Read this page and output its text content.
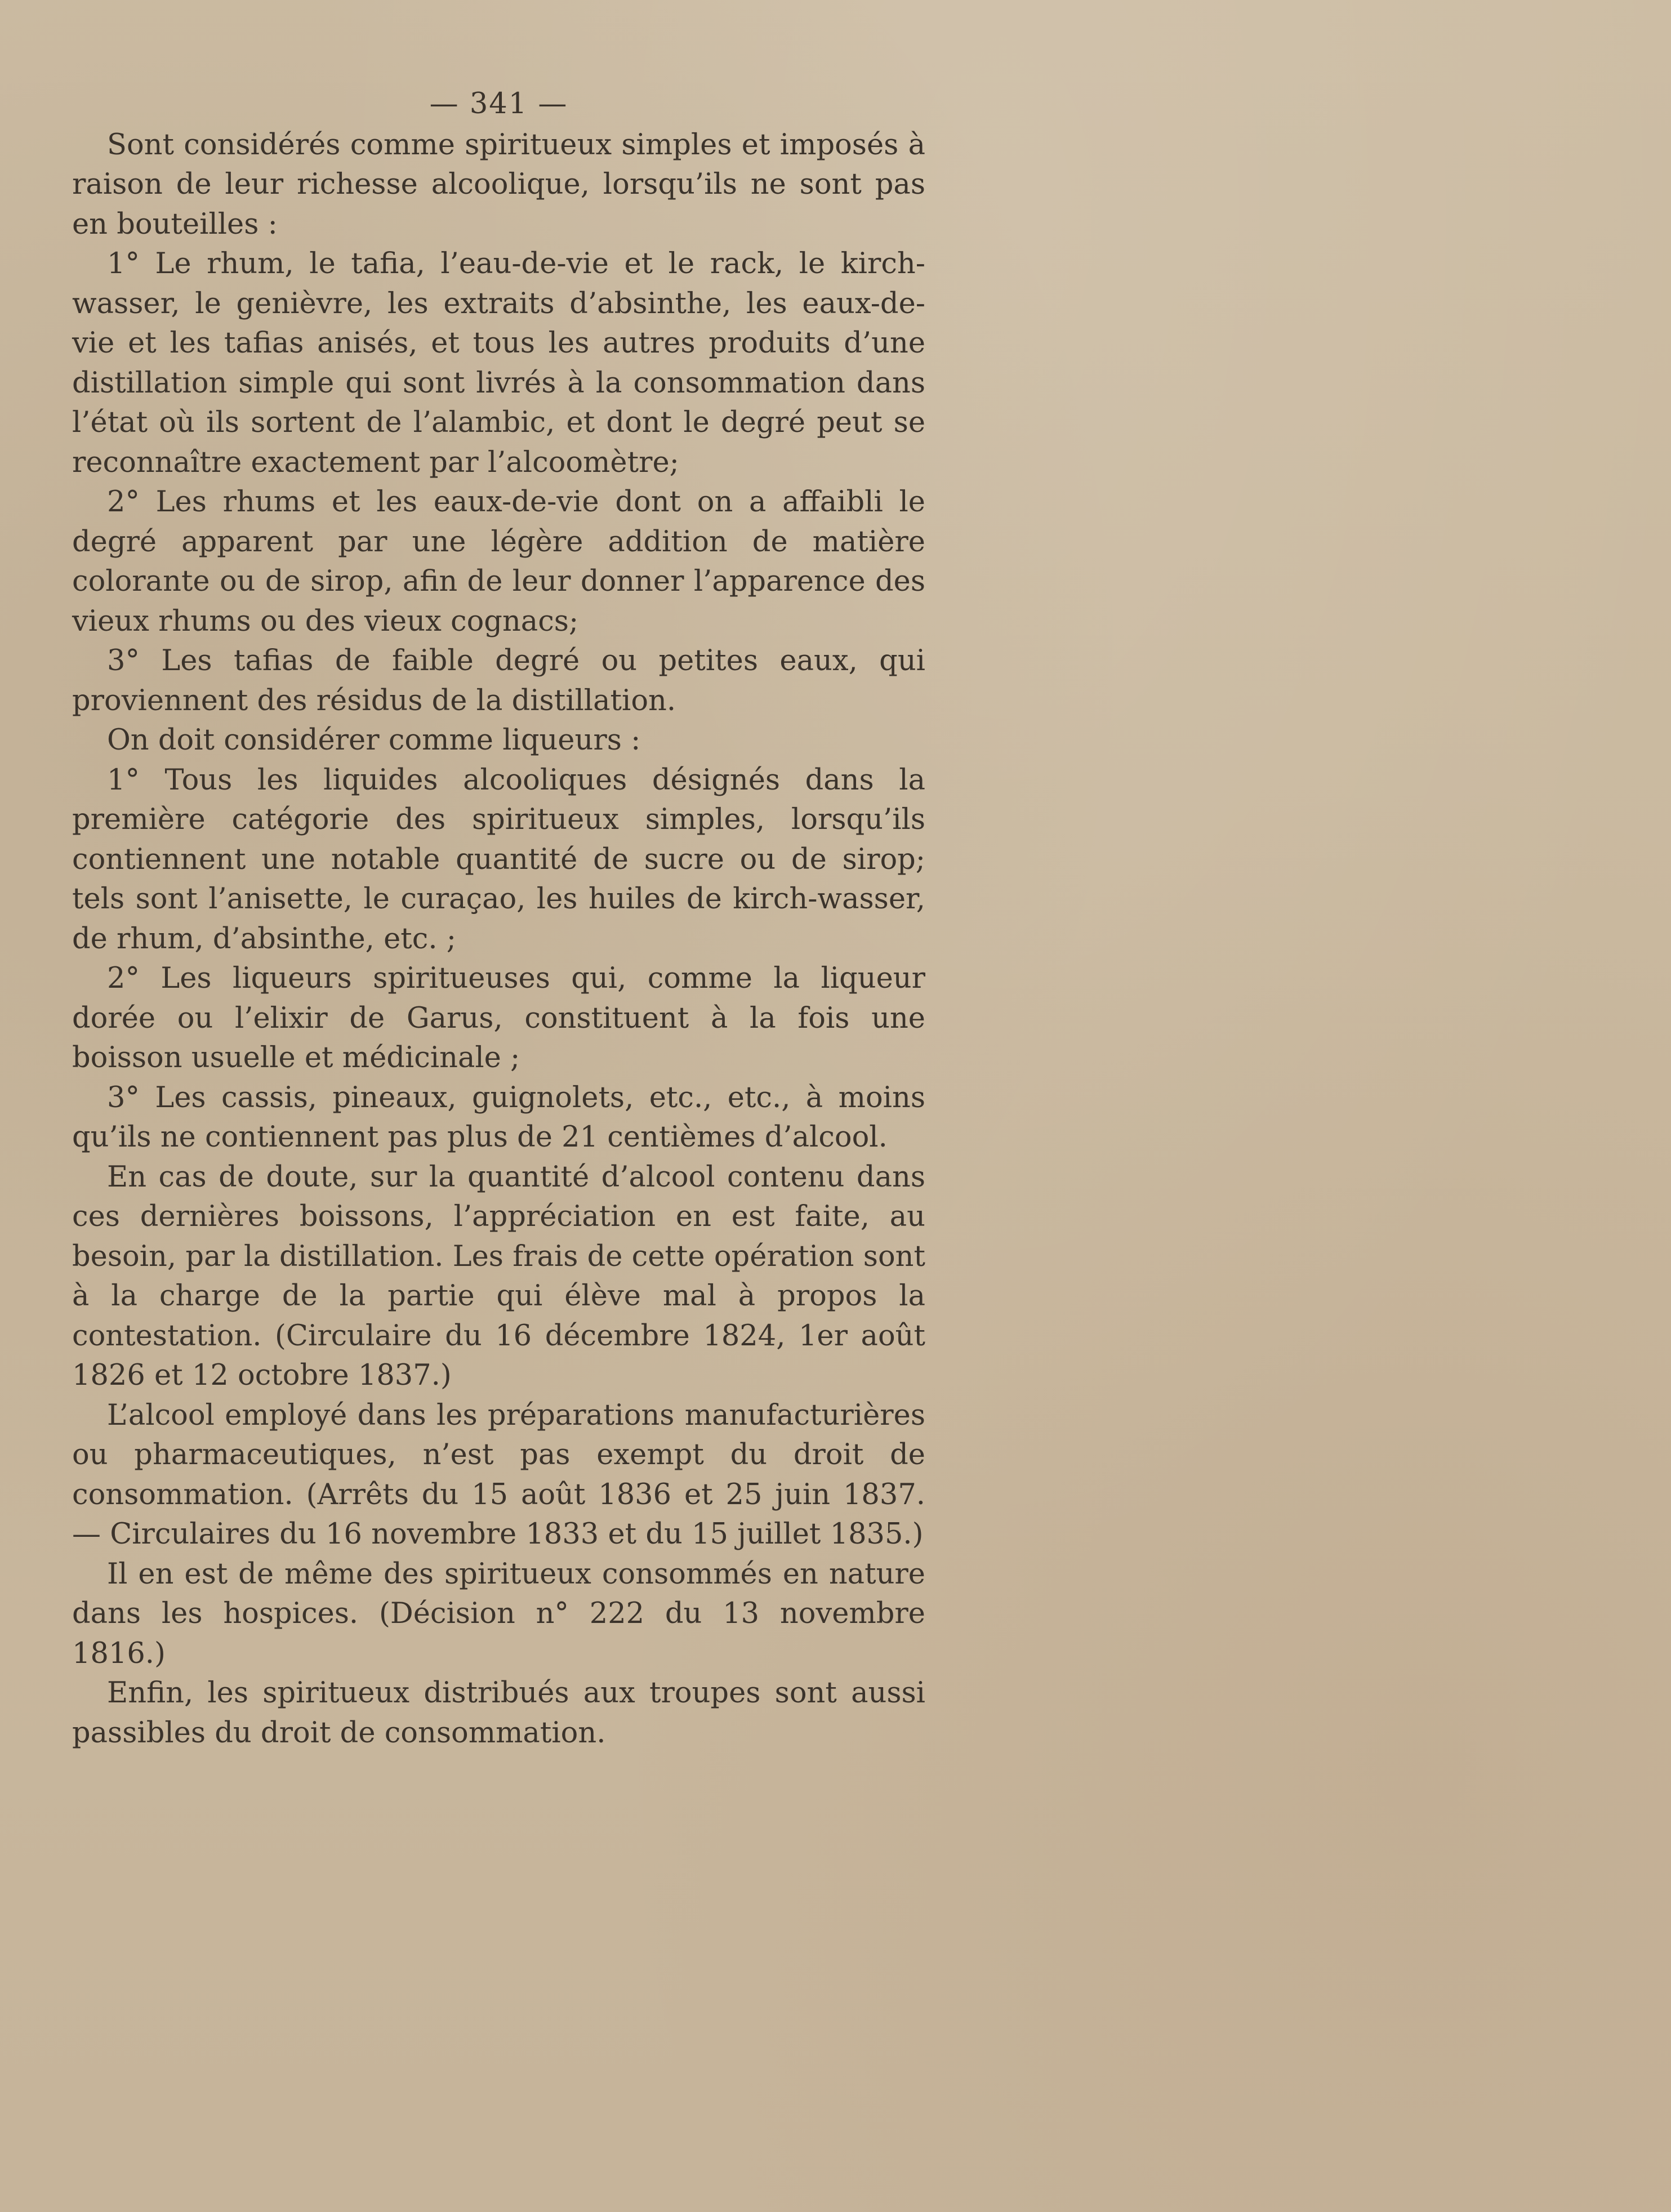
— 341 —

Sont considérés comme spiritueux simples et imposés à raison de leur richesse alcoolique, lorsqu’ils ne sont pas en bouteilles :

1° Le rhum, le tafia, l’eau-de-vie et le rack, le kirch-wasser, le genièvre, les extraits d’absinthe, les eaux-de-vie et les tafias anisés, et tous les autres produits d’une distillation simple qui sont livrés à la consommation dans l’état où ils sortent de l’alambic, et dont le degré peut se reconnaître exactement par l’alcoomètre;

2° Les rhums et les eaux-de-vie dont on a affaibli le degré apparent par une légère addition de matière colorante ou de sirop, afin de leur donner l’apparence des vieux rhums ou des vieux cognacs;

3° Les tafias de faible degré ou petites eaux, qui proviennent des résidus de la distillation.

On doit considérer comme liqueurs :

1° Tous les liquides alcooliques désignés dans la première catégorie des spiritueux simples, lorsqu’ils contiennent une notable quantité de sucre ou de sirop; tels sont l’anisette, le curaçao, les huiles de kirch-wasser, de rhum, d’absinthe, etc. ;

2° Les liqueurs spiritueuses qui, comme la liqueur dorée ou l’elixir de Garus, constituent à la fois une boisson usuelle et médicinale ;

3° Les cassis, pineaux, guignolets, etc., etc., à moins qu’ils ne contiennent pas plus de 21 centièmes d’alcool.

En cas de doute, sur la quantité d’alcool contenu dans ces dernières boissons, l’appréciation en est faite, au besoin, par la distillation. Les frais de cette opération sont à la charge de la partie qui élève mal à propos la contestation. (Circulaire du 16 décembre 1824, 1er août 1826 et 12 octobre 1837.)

L’alcool employé dans les préparations manufacturières ou pharmaceutiques, n’est pas exempt du droit de consommation. (Arrêts du 15 août 1836 et 25 juin 1837. — Circulaires du 16 novembre 1833 et du 15 juillet 1835.)

Il en est de même des spiritueux consommés en nature dans les hospices. (Décision n° 222 du 13 novembre 1816.)

Enfin, les spiritueux distribués aux troupes sont aussi passibles du droit de consommation.
